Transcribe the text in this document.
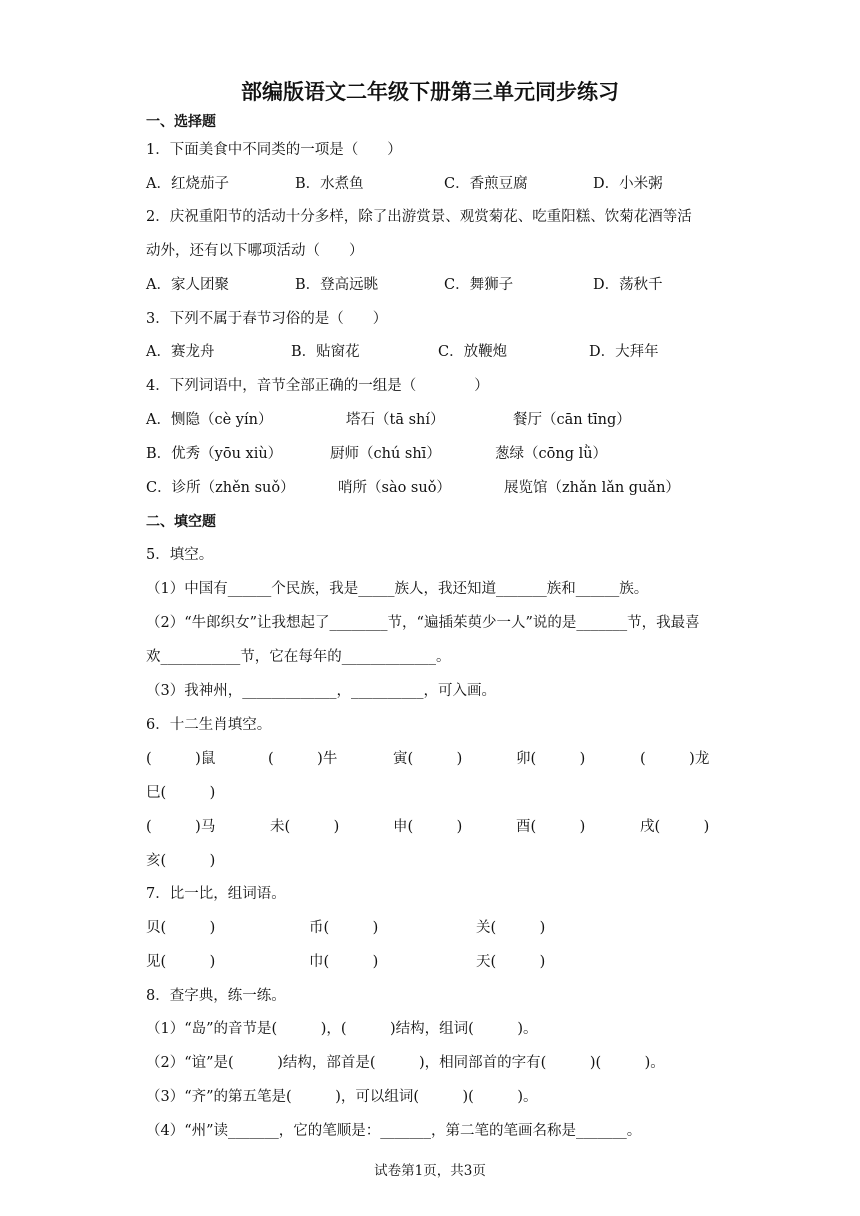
部编版语文二年级下册第三单元同步练习
一、选择题
1．下面美食中不同类的一项是（　　）
A．红烧茄子	B．水煮鱼	C．香煎豆腐	D．小米粥
2．庆祝重阳节的活动十分多样，除了出游赏景、观赏菊花、吃重阳糕、饮菊花酒等活
动外，还有以下哪项活动（　　）
A．家人团聚	B．登高远眺	C．舞狮子	D．荡秋千
3．下列不属于春节习俗的是（　　）
A．赛龙舟	B．贴窗花	C．放鞭炮	D．大拜年
4．下列词语中，音节全部正确的一组是（　　　　）
A．恻隐（cè yín）	塔石（tā shí）	餐厅（cān tīng）
B．优秀（yōu xiù）	厨师（chú shī）	葱绿（cōng lǜ）
C．诊所（zhěn suǒ）	哨所（sào suǒ）	展览馆（zhǎn lǎn guǎn）
二、填空题
5．填空。
（1）中国有______个民族，我是_____族人，我还知道_______族和______族。
（2）“牛郎织女”让我想起了________节，“遍插茱萸少一人”说的是_______节，我最喜
欢___________节，它在每年的_____________。
（3）我神州，_____________，__________，可入画。
6．十二生肖填空。
(　　　)鼠	(　　　)牛	寅(　　　)	卯(　　　)	(　　　)龙
巳(　　　)
(　　　)马	未(　　　)	申(　　　)	酉(　　　)	戌(　　　)
亥(　　　)
7．比一比，组词语。
贝(　　　)	币(　　　)	关(　　　)
见(　　　)	巾(　　　)	天(　　　)
8．查字典，练一练。
（1）“岛”的音节是(　　　)，(　　　)结构，组词(　　　)。
（2）“谊”是(　　　)结构，部首是(　　　)，相同部首的字有(　　　)(　　　)。
（3）“齐”的第五笔是(　　　)，可以组词(　　　)(　　　)。
（4）“州”读_______，它的笔顺是：_______，第二笔的笔画名称是_______。
试卷第1页，共3页
